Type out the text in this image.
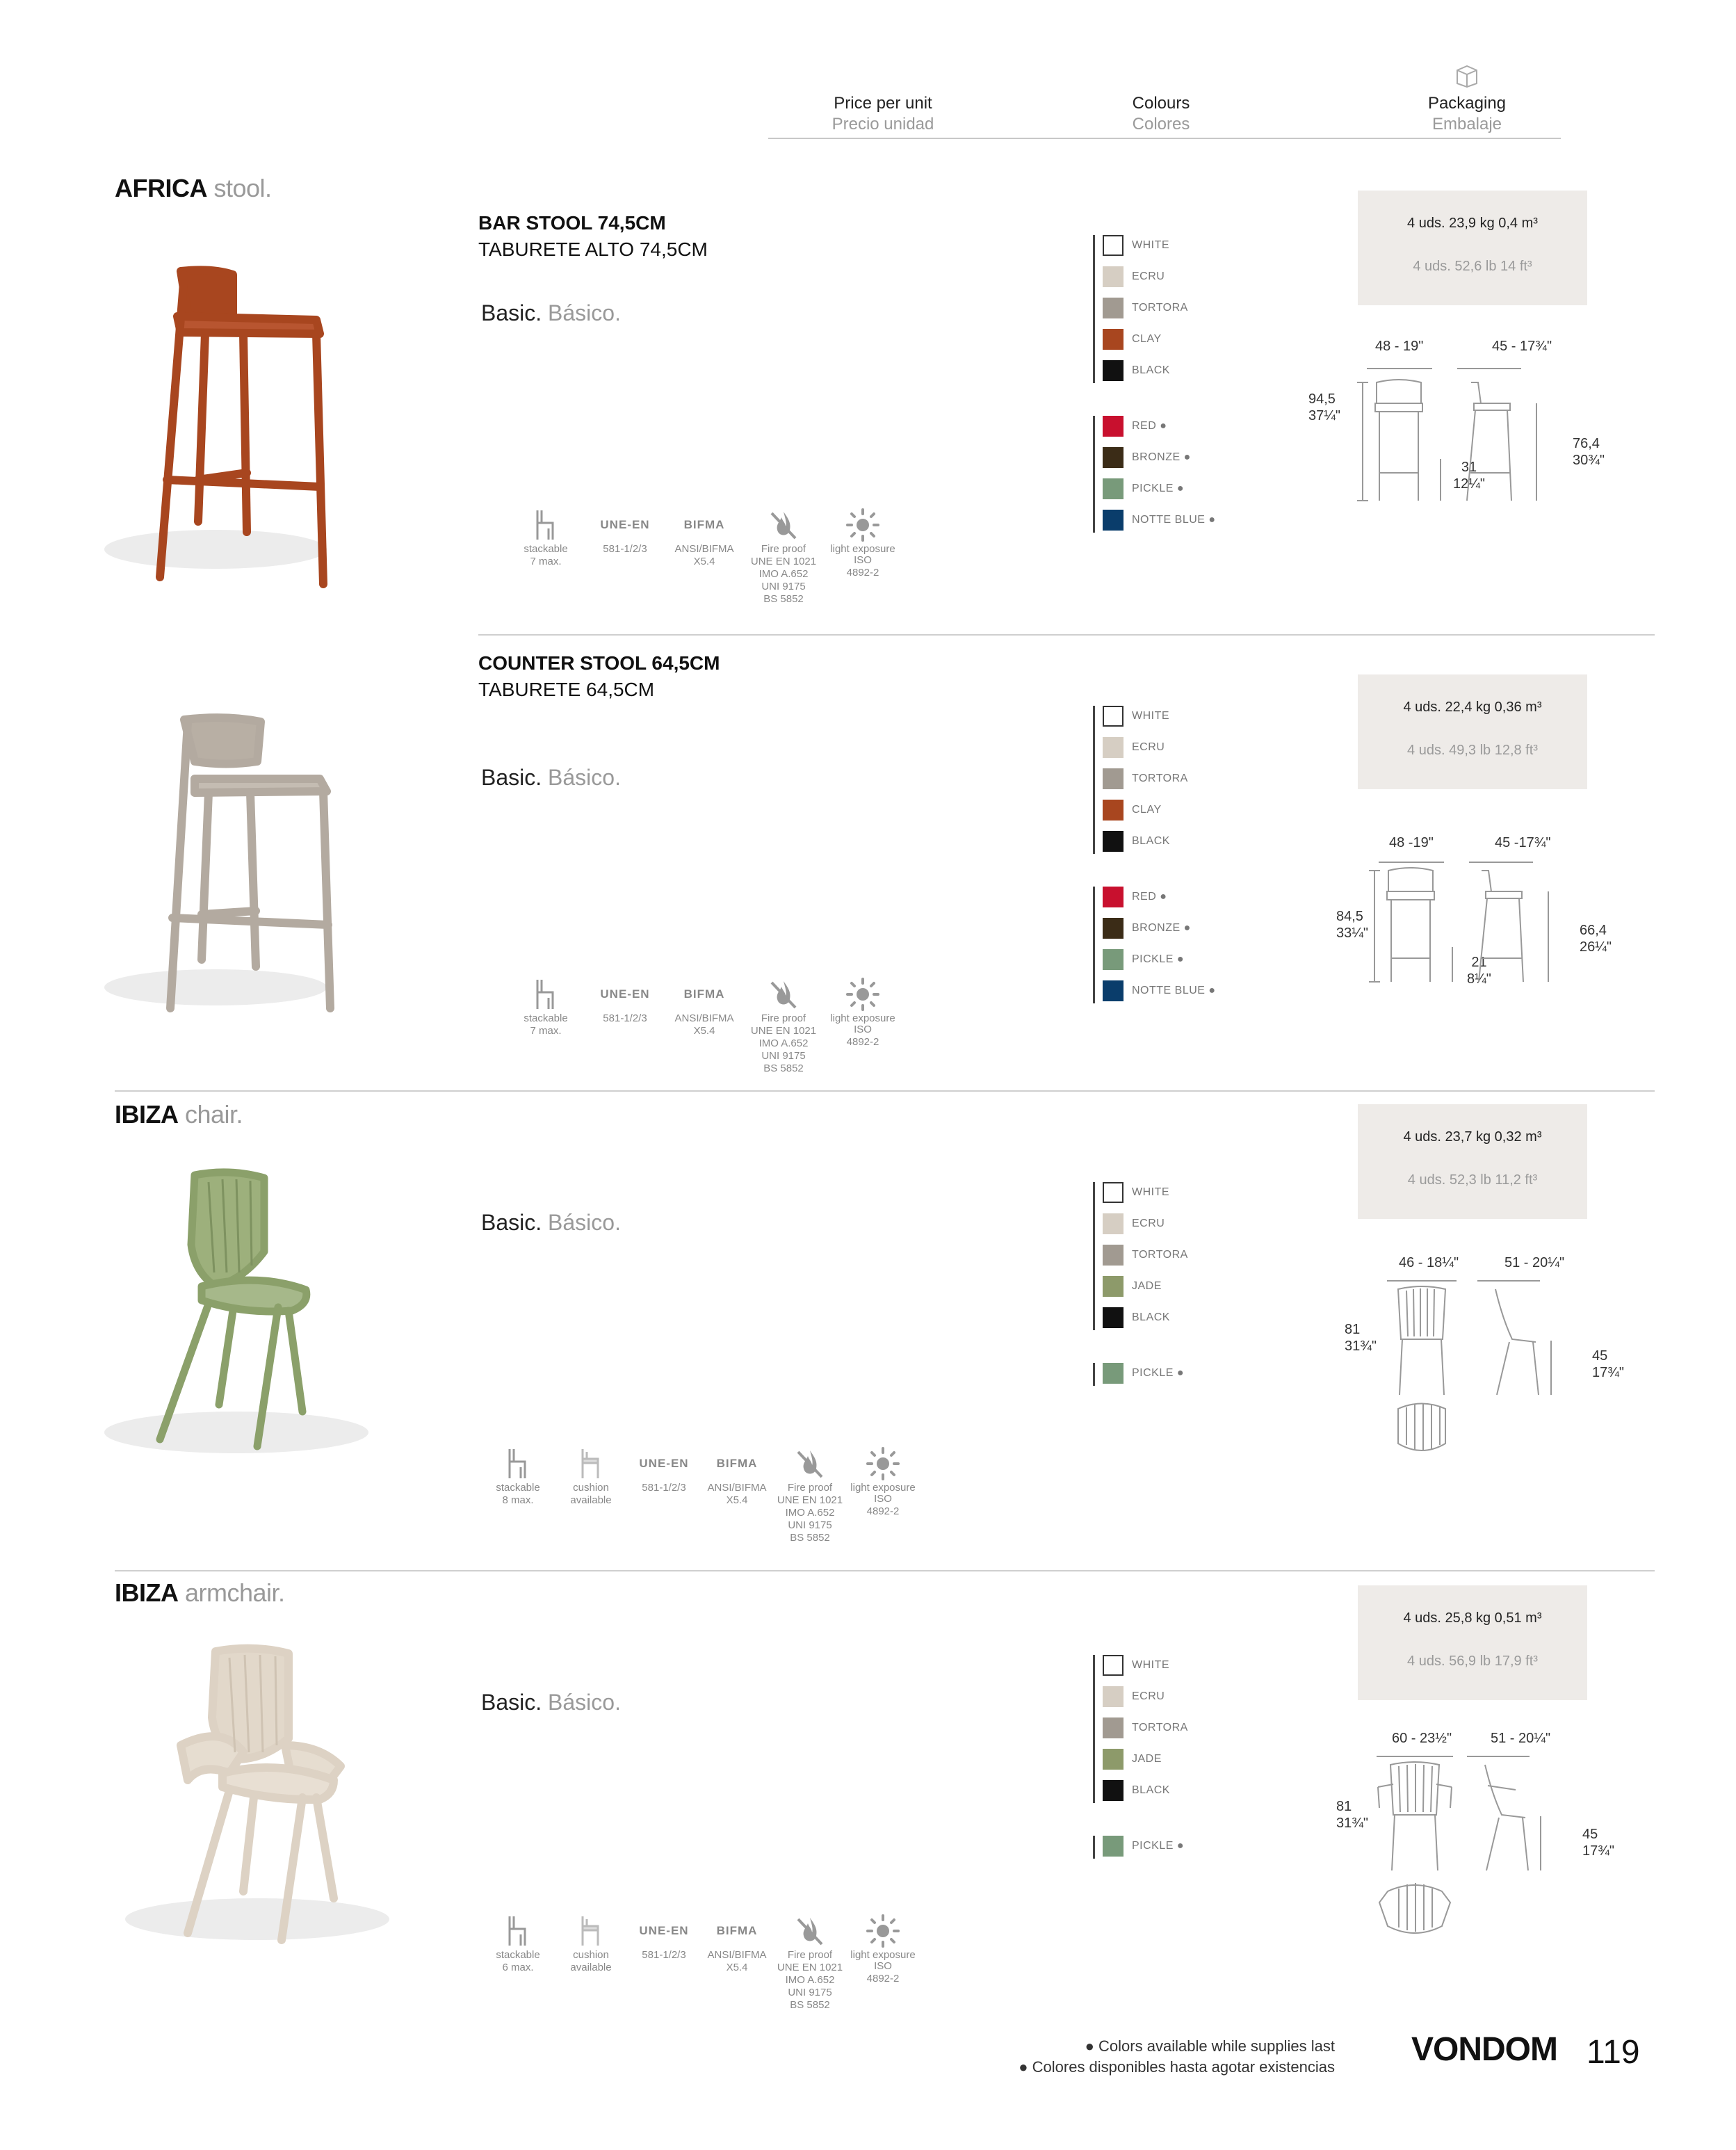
Price per unit
Precio unidad
Colours
Colores
Packaging
Embalaje
AFRICA stool.
BAR STOOL 74,5CM
TABURETE ALTO 74,5CM
Basic. Básico.
WHITE
ECRU
TORTORA
CLAY
BLACK
RED ●
BRONZE ●
PICKLE ●
NOTTE BLUE ●
4 uds. 23,9 kg 0,4 m³
4 uds. 52,6 lb 14 ft³
48 - 19"	45 - 17¾"
94,5
37¼"
31
12¼"
76,4
30¾"
stackable
7 max.
UNE-EN
581-1/2/3
BIFMA
ANSI/BIFMA
X5.4
Fire proof
UNE EN 1021
IMO A.652
UNI 9175
BS 5852
light exposure ISO
4892-2
COUNTER STOOL 64,5CM
TABURETE 64,5CM
Basic. Básico.
WHITE
ECRU
TORTORA
CLAY
BLACK
RED ●
BRONZE ●
PICKLE ●
NOTTE BLUE ●
4 uds. 22,4 kg 0,36 m³
4 uds. 49,3 lb 12,8 ft³
48 -19"	45 -17¾"
84,5
33¼"
21
8¼"
66,4
26¼"
stackable
7 max.
UNE-EN
581-1/2/3
BIFMA
ANSI/BIFMA
X5.4
Fire proof
UNE EN 1021
IMO A.652
UNI 9175
BS 5852
light exposure ISO
4892-2
IBIZA chair.
Basic. Básico.
WHITE
ECRU
TORTORA
JADE
BLACK
PICKLE ●
4 uds. 23,7 kg 0,32 m³
4 uds. 52,3 lb 11,2 ft³
46 - 18¼"	51 - 20¼"
81
31¾"
45
17¾"
stackable
8 max.
cushion
available
UNE-EN
581-1/2/3
BIFMA
ANSI/BIFMA
X5.4
Fire proof
UNE EN 1021
IMO A.652
UNI 9175
BS 5852
light exposure ISO
4892-2
IBIZA armchair.
Basic. Básico.
WHITE
ECRU
TORTORA
JADE
BLACK
PICKLE ●
4 uds. 25,8 kg 0,51 m³
4 uds. 56,9 lb 17,9 ft³
60 - 23½"	51 - 20¼"
81
31¾"
45
17¾"
stackable
6 max.
cushion
available
UNE-EN
581-1/2/3
BIFMA
ANSI/BIFMA
X5.4
Fire proof
UNE EN 1021
IMO A.652
UNI 9175
BS 5852
light exposure ISO
4892-2
● Colors available while supplies last
● Colores disponibles hasta agotar existencias VONDOM 119
